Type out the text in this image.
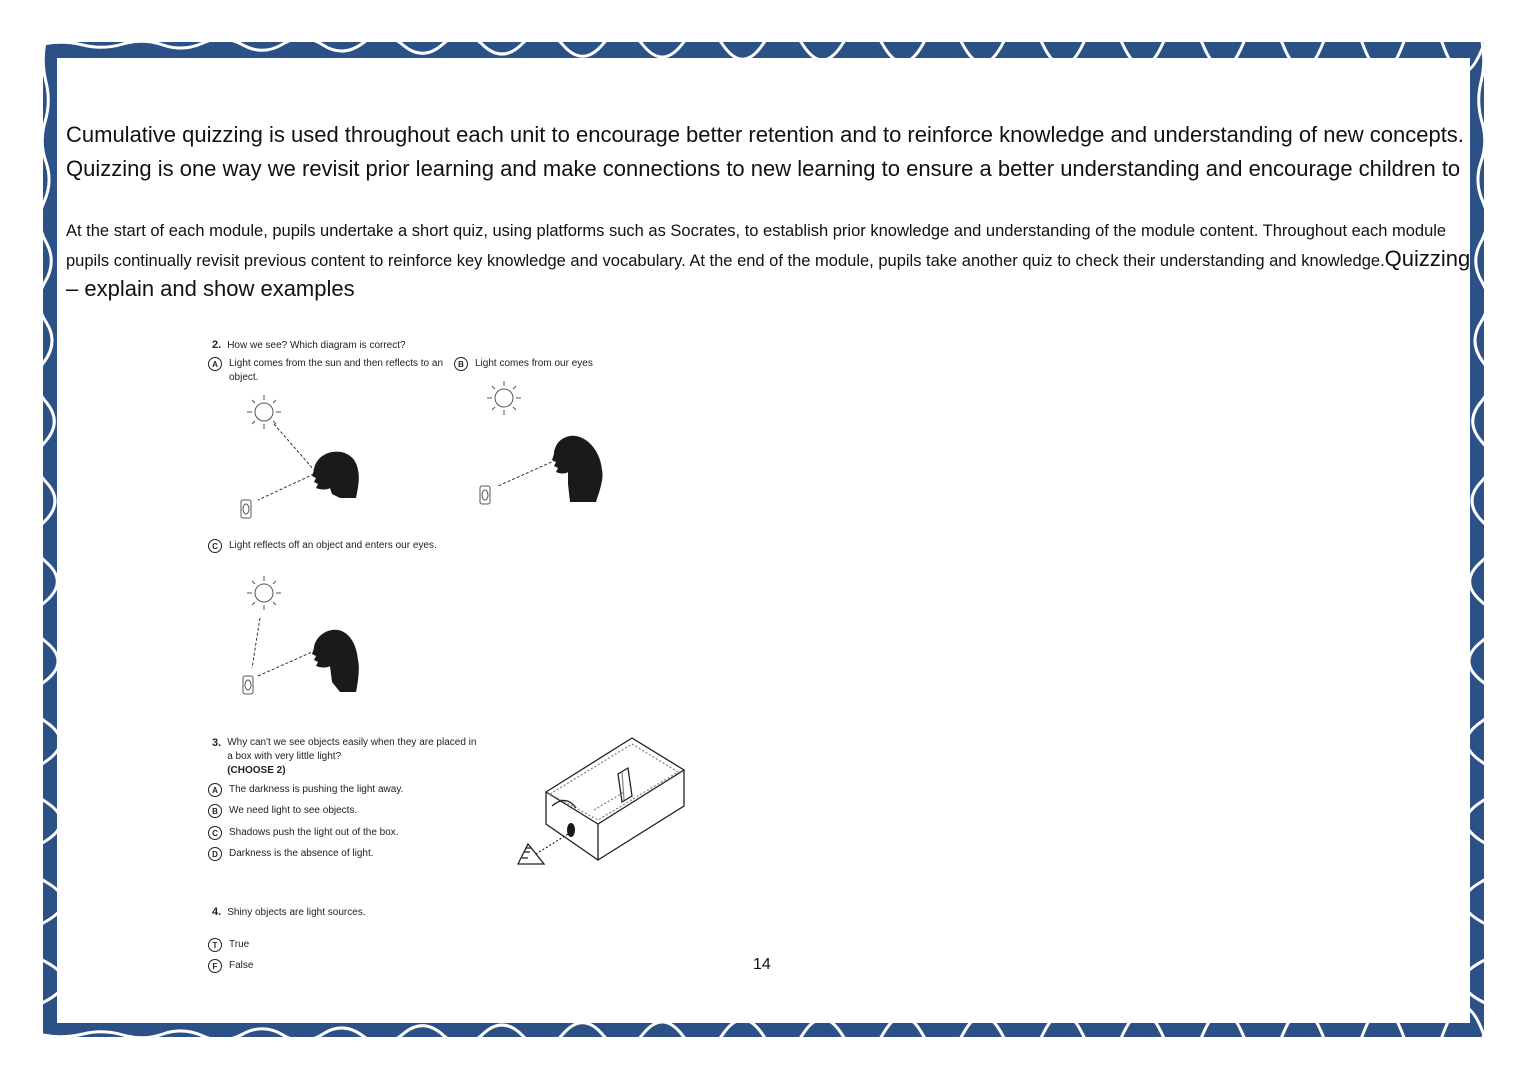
Cumulative quizzing is used throughout each unit to encourage better retention and to reinforce knowledge and understanding of new concepts. Quizzing is one way we revisit prior learning and make connections to new learning to ensure a better understanding and encourage children to

At the start of each module, pupils undertake a short quiz, using platforms such as Socrates, to establish prior knowledge and understanding of the module content. Throughout each module pupils continually revisit previous content to reinforce key knowledge and vocabulary. At the end of the module, pupils take another quiz to check their understanding and knowledge.Quizzing – explain and show examples

2. How we see? Which diagram is correct?
A	Light comes from the sun and then reflects to an object.
B	Light comes from our eyes
C	Light reflects off an object and enters our eyes.
3. Why can't we see objects easily when they are placed in a box with very little light?
(CHOOSE 2)
A	The darkness is pushing the light away.
B	We need light to see objects.
C	Shadows push the light out of the box.
D	Darkness is the absence of light.
4. Shiny objects are light sources.
T	True
F	False	14
